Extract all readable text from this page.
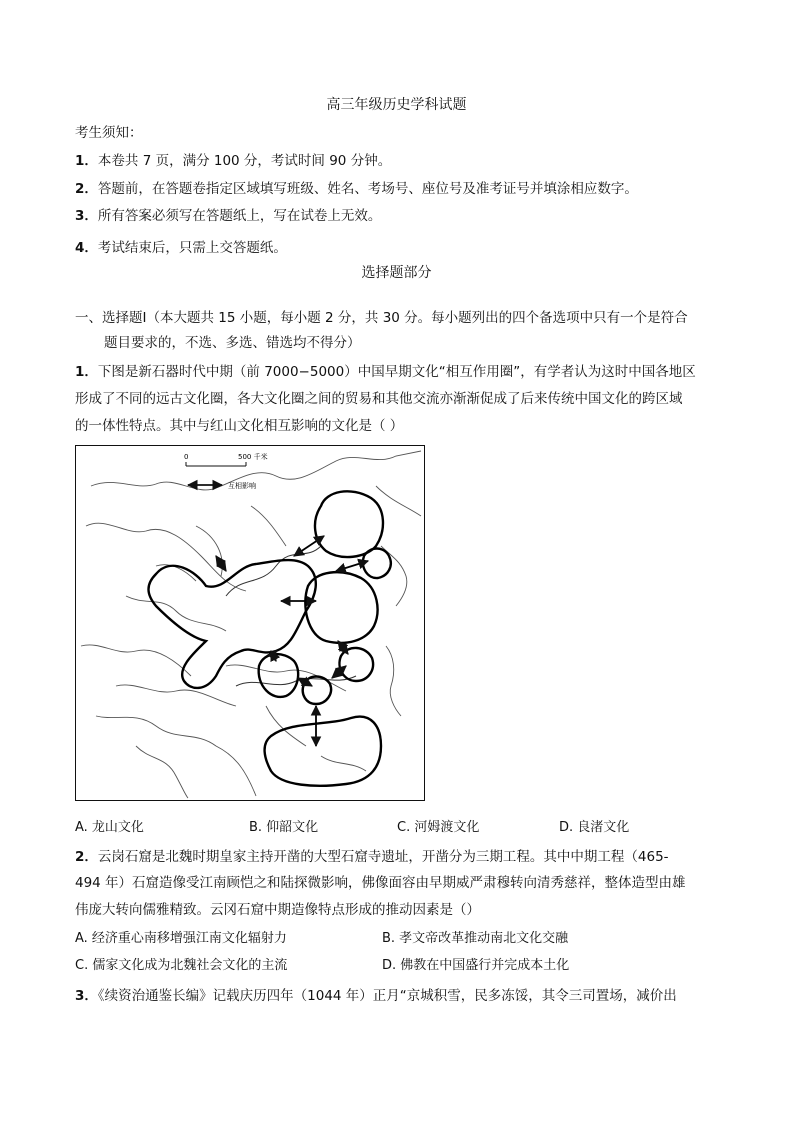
高三年级历史学科试题
考生须知：
1．本卷共 7 页，满分 100 分，考试时间 90 分钟。
2．答题前，在答题卷指定区域填写班级、姓名、考场号、座位号及准考证号并填涂相应数字。
3．所有答案必须写在答题纸上，写在试卷上无效。
4．考试结束后，只需上交答题纸。
选择题部分
一、选择题Ⅰ（本大题共 15 小题，每小题 2 分，共 30 分。每小题列出的四个备选项中只有一个是符合
题目要求的，不选、多选、错选均不得分）
1．下图是新石器时代中期（前 7000−5000）中国早期文化“相互作用圈”，有学者认为这时中国各地区
形成了不同的远古文化圈，各大文化圈之间的贸易和其他交流亦渐渐促成了后来传统中国文化的跨区域
的一体性特点。其中与红山文化相互影响的文化是（ ）
0	500 千米
互相影响
A. 龙山文化	B. 仰韶文化	C. 河姆渡文化	D. 良渚文化
2．云岗石窟是北魏时期皇家主持开凿的大型石窟寺遗址，开凿分为三期工程。其中中期工程（465-
494 年）石窟造像受江南顾恺之和陆探微影响，佛像面容由早期威严肃穆转向清秀慈祥，整体造型由雄
伟庞大转向儒雅精致。云冈石窟中期造像特点形成的推动因素是（）
A. 经济重心南移增强江南文化辐射力	B. 孝文帝改革推动南北文化交融
C. 儒家文化成为北魏社会文化的主流	D. 佛教在中国盛行并完成本土化
3．《续资治通鉴长编》记载庆历四年（1044 年）正月“京城积雪，民多冻馁，其令三司置场，减价出
